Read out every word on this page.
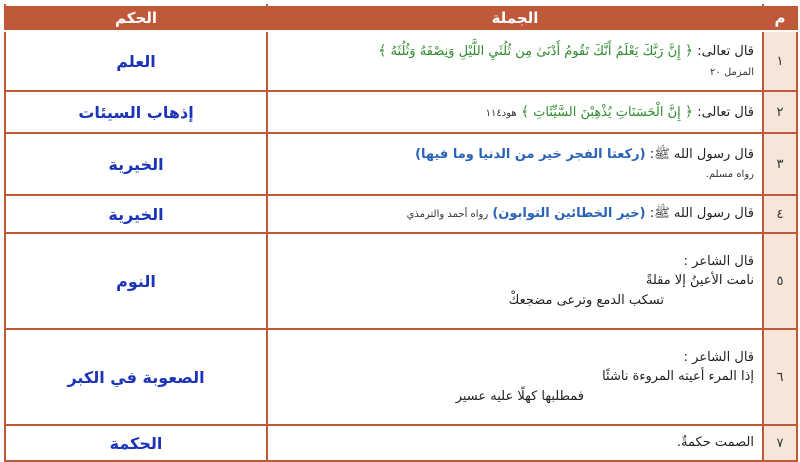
م	الجملة	الحكم
١	قال تعالى: ﴿ إِنَّ رَبَّكَ يَعْلَمُ أَنَّكَ تَقُومُ أَدْنَىٰ مِن ثُلُثَيِ اللَّيْلِ وَنِصْفَهُ وَثُلُثَهُ ﴾
المزمل ٢٠	العلم
٢	قال تعالى: ﴿ إِنَّ الْحَسَنَاتِ يُذْهِبْنَ السَّيِّئَاتِ ﴾ هود١١٤	إذهاب السيئات
٣	قال رسول الله ﷺ: (ركعتا الفجر خير من الدنيا وما فيها)
رواه مسلم.	الخيرية
٤	قال رسول الله ﷺ: (خير الخطائين التوابون) رواه أحمد والترمذي	الخيرية
٥	قال الشاعر :
نامت الأعينُ إلا مقلةً
تسكب الدمع وترعى مضجعكْ	النوم
٦	قال الشاعر :
إذا المرء أعيته المروءة ناشئًا
فمطلبها كهلًا عليه عسير	الصعوبة في الكبر
٧	الصمت حكمةٌ.	الحكمة
